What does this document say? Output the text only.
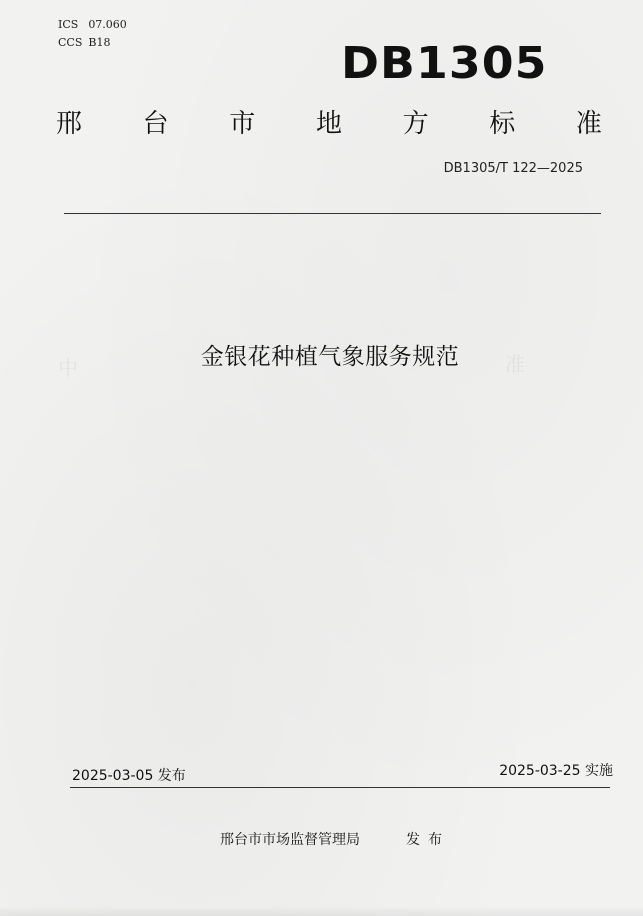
准
中
ICS 07.060
CCS B18	DB1305
邢	台	市	地	方	标	准
DB1305/T 122—2025
金银花种植气象服务规范
2025-03-05 发布	2025-03-25 实施
邢台市市场监督管理局	发布
